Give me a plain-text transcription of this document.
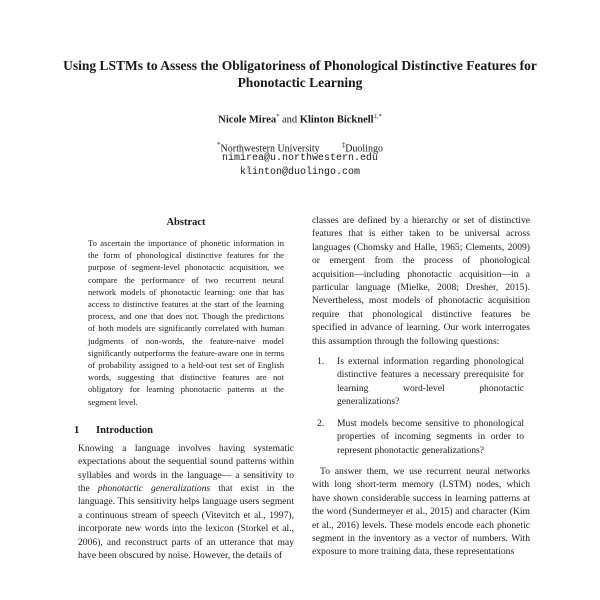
Using LSTMs to Assess the Obligatoriness of Phonological Distinctive Features for Phonotactic Learning
Nicole Mirea* and Klinton Bicknell‡,*
*Northwestern University	‡Duolingo
nimirea@u.northwestern.edu
klinton@duolingo.com
Abstract
To ascertain the importance of phonetic information in the form of phonological distinctive features for the purpose of segment-level phonotactic acquisition, we compare the performance of two recurrent neural network models of phonotactic learning: one that has access to distinctive features at the start of the learning process, and one that does not. Though the predictions of both models are significantly correlated with human judgments of non-words, the feature-naive model significantly outperforms the feature-aware one in terms of probability assigned to a held-out test set of English words, suggesting that distinctive features are not obligatory for learning phonotactic patterns at the segment level.
1 Introduction

Knowing a language involves having systematic expectations about the sequential sound patterns within syllables and words in the language— a sensitivity to the phonotactic generalizations that exist in the language. This sensitivity helps language users segment a continuous stream of speech (Vitevitch et al., 1997), incorporate new words into the lexicon (Storkel et al., 2006), and reconstruct parts of an utterance that may have been obscured by noise. However, the details of

classes are defined by a hierarchy or set of distinctive features that is either taken to be universal across languages (Chomsky and Halle, 1965; Clements, 2009) or emergent from the process of phonological acquisition—including phonotactic acquisition—in a particular language (Mielke, 2008; Dresher, 2015). Nevertheless, most models of phonotactic acquisition require that phonological distinctive features be specified in advance of learning. Our work interrogates this assumption through the following questions:

1.	Is external information regarding phonological distinctive features a necessary prerequisite for learning word-level phonotactic generalizations?
2.	Must models become sensitive to phonological properties of incoming segments in order to represent phonotactic generalizations?

To answer them, we use recurrent neural networks with long short-term memory (LSTM) nodes, which have shown considerable success in learning patterns at the word (Sundermeyer et al., 2015) and character (Kim et al., 2016) levels. These models encode each phonetic segment in the inventory as a vector of numbers. With exposure to more training data, these representations
